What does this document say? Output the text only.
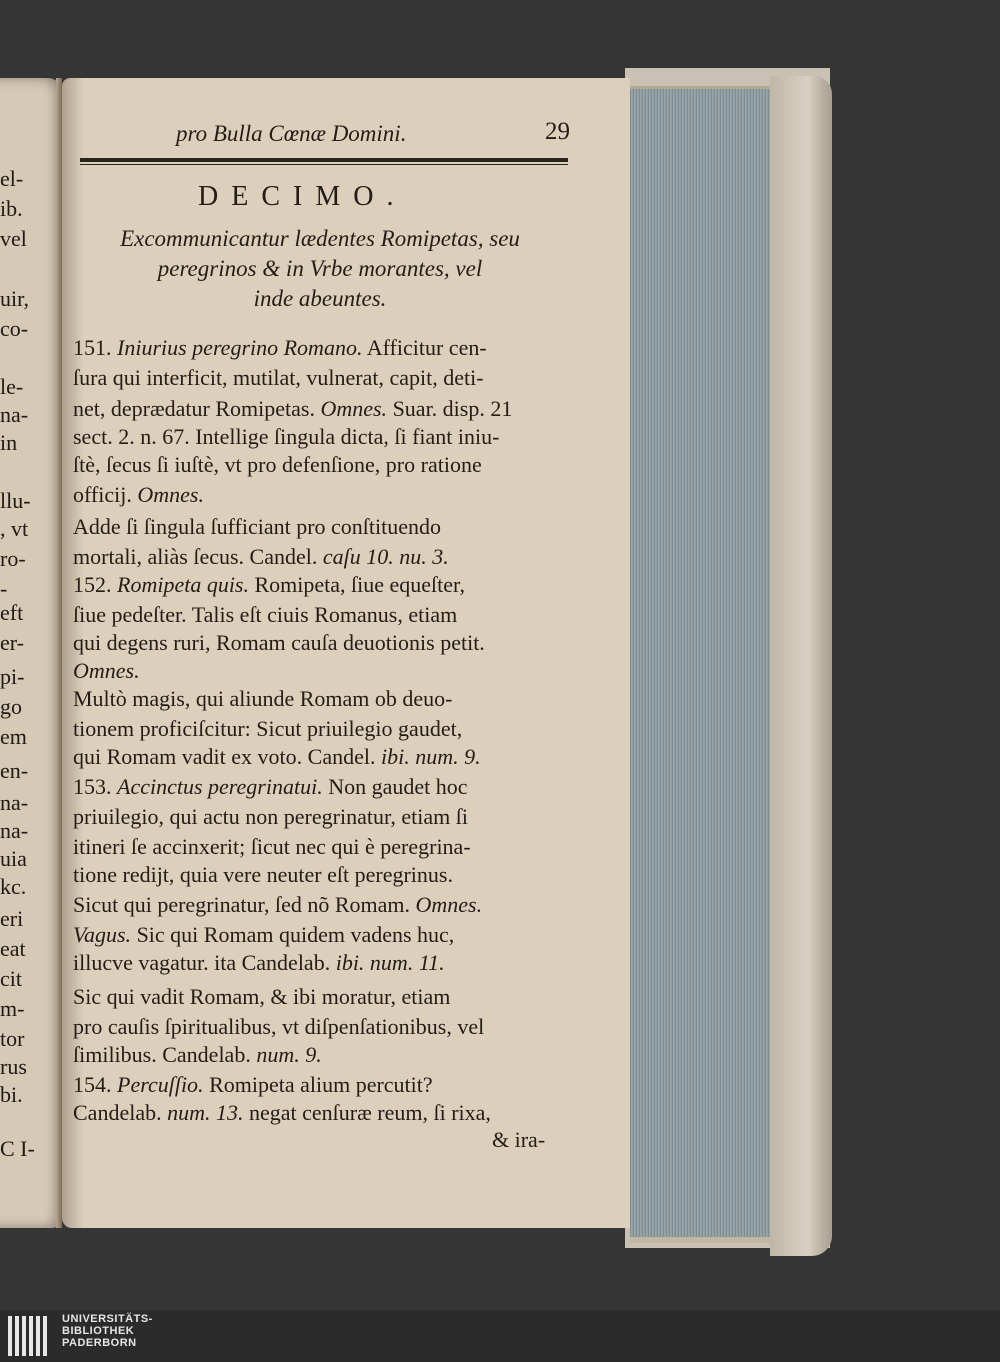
el-
ib.
vel
uir,
co-
le-
na-
in
llu-
, vt
ro-
-
eft
er-
pi-
go
em
en-
na-
na-
uia
kc.
eri
eat
cit
m-
tor
rus
bi.
C I-
pro Bulla Cœnæ Domini.	29
DECIMO.
Excommunicantur lædentes Romipetas, seu
peregrinos & in Vrbe morantes, vel
inde abeuntes.
151. Iniurius peregrino Romano. Afficitur cen-
ſura qui interficit, mutilat, vulnerat, capit, deti-
net, deprædatur Romipetas. Omnes. Suar. disp. 21
sect. 2. n. 67. Intellige ſingula dicta, ſi fiant iniu-
ſtè, ſecus ſi iuſtè, vt pro defenſione, pro ratione
officij. Omnes.
Adde ſi ſingula ſufficiant pro conſtituendo
mortali, aliàs ſecus. Candel. caſu 10. nu. 3.
152. Romipeta quis. Romipeta, ſiue equeſter,
ſiue pedeſter. Talis eſt ciuis Romanus, etiam
qui degens ruri, Romam cauſa deuotionis petit.
Omnes.
Multò magis, qui aliunde Romam ob deuo-
tionem proficiſcitur: Sicut priuilegio gaudet,
qui Romam vadit ex voto. Candel. ibi. num. 9.
153. Accinctus peregrinatui. Non gaudet hoc
priuilegio, qui actu non peregrinatur, etiam ſi
itineri ſe accinxerit; ſicut nec qui è peregrina-
tione redijt, quia vere neuter eſt peregrinus.
Sicut qui peregrinatur, ſed nõ Romam. Omnes.
Vagus. Sic qui Romam quidem vadens huc,
illucve vagatur. ita Candelab. ibi. num. 11.
Sic qui vadit Romam, & ibi moratur, etiam
pro cauſis ſpiritualibus, vt diſpenſationibus, vel
ſimilibus. Candelab. num. 9.
154. Percuſſio. Romipeta alium percutit?
Candelab. num. 13. negat cenſuræ reum, ſi rixa,
& ira-
UNIVERSITÄTS-
BIBLIOTHEK
PADERBORN
